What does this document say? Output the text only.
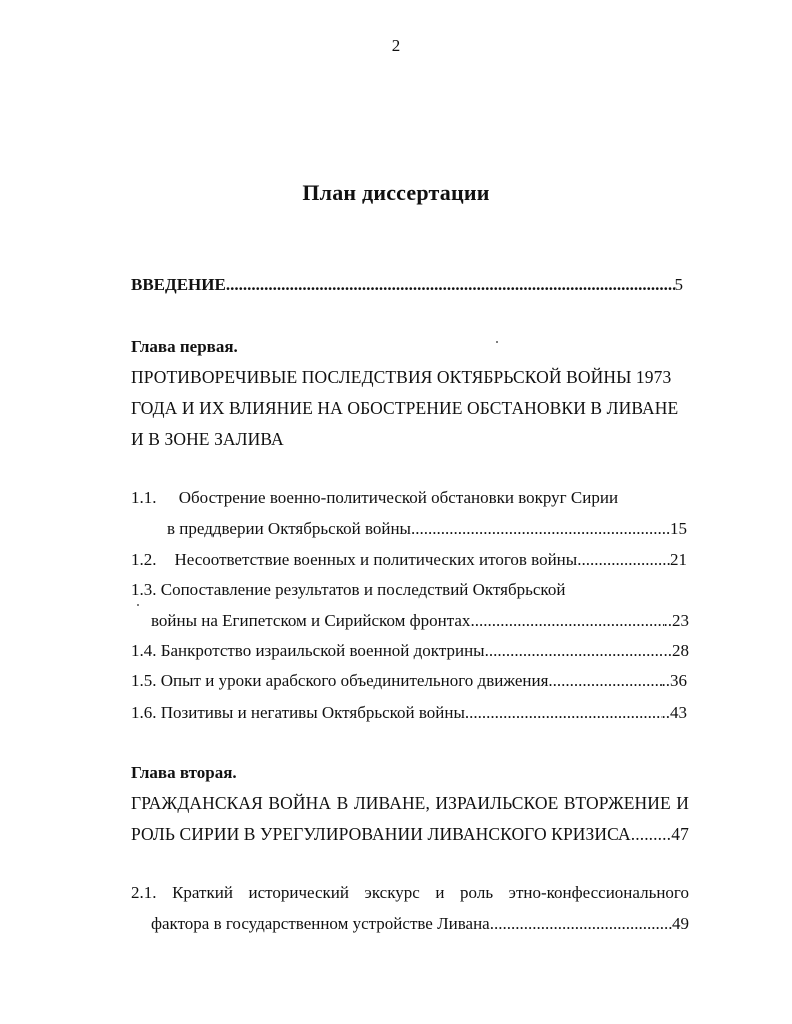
2
План диссертации
ВВЕДЕНИЕ .....	5
Глава первая.
ПРОТИВОРЕЧИВЫЕ ПОСЛЕДСТВИЯ ОКТЯБРЬСКОЙ ВОЙНЫ 1973
ГОДА И ИХ ВЛИЯНИЕ НА ОБОСТРЕНИЕ ОБСТАНОВКИ В ЛИВАНЕ
И В ЗОНЕ ЗАЛИВА
1.1. Обострение военно-политической обстановки вокруг Сирии
в преддверии Октябрьской войны .....	15
1.2. Несоответствие военных и политических итогов войны .....	21
1.3. Сопоставление результатов и последствий Октябрьской
войны на Египетском и Сирийском фронтах .....	..23
1.4. Банкротство израильской военной доктрины .....	..28
1.5. Опыт и уроки арабского объединительного движения .....	..36
1.6. Позитивы и негативы Октябрьской войны .....	..43
Глава вторая.
ГРАЖДАНСКАЯ ВОЙНА В ЛИВАНЕ, ИЗРАИЛЬСКОЕ ВТОРЖЕНИЕ И
РОЛЬ СИРИИ В УРЕГУЛИРОВАНИИ ЛИВАНСКОГО КРИЗИСА ..... 47
2.1. Краткий исторический экскурс и роль этно-конфессионального
фактора в государственном устройстве Ливана .....	49
